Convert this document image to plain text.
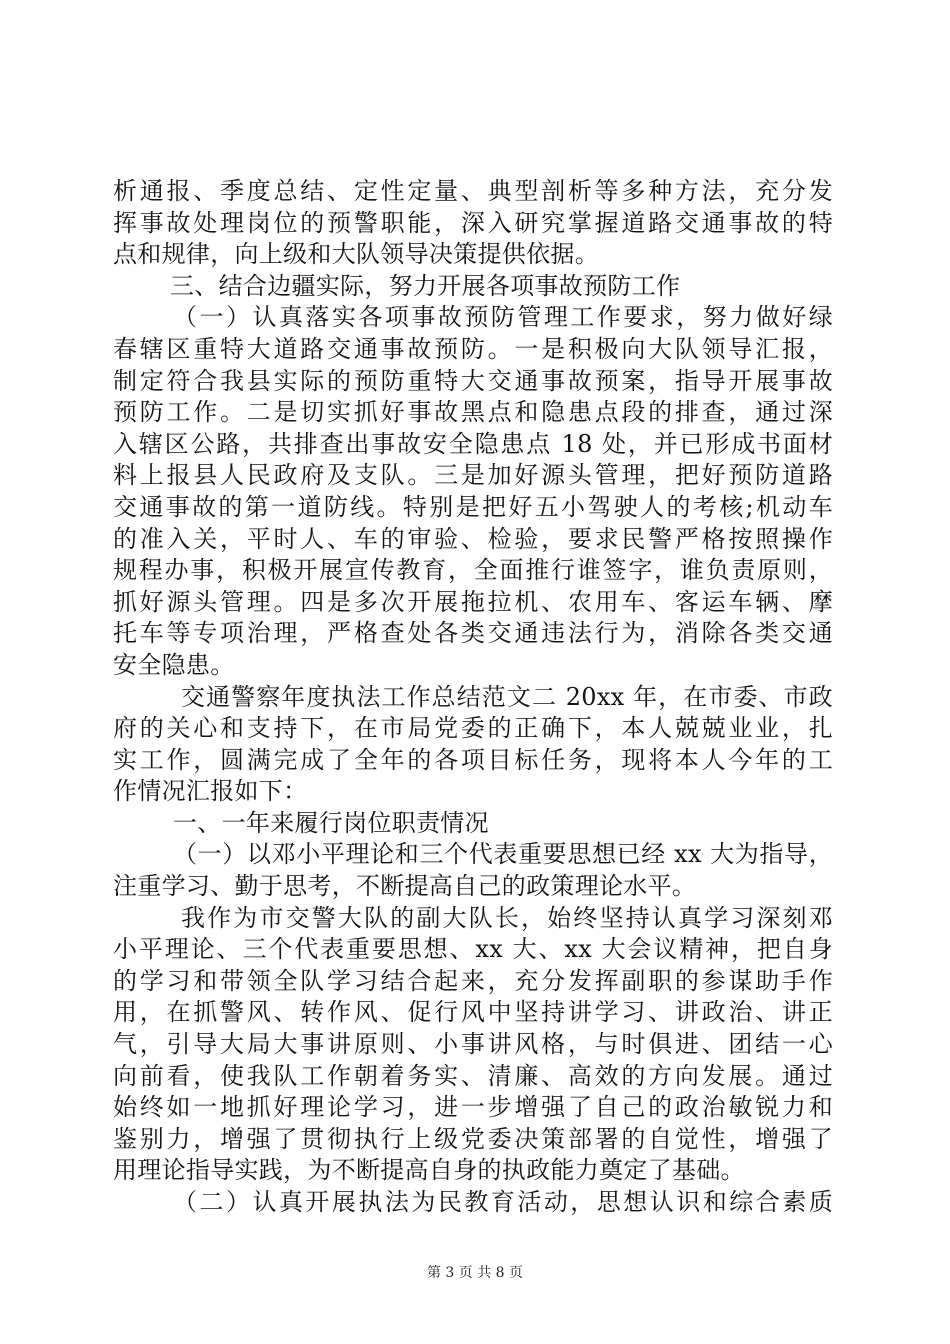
析通报、季度总结、定性定量、典型剖析等多种方法，充分发
挥事故处理岗位的预警职能，深入研究掌握道路交通事故的特
点和规律，向上级和大队领导决策提供依据。
三、结合边疆实际，努力开展各项事故预防工作
（一）认真落实各项事故预防管理工作要求，努力做好绿
春辖区重特大道路交通事故预防。一是积极向大队领导汇报，
制定符合我县实际的预防重特大交通事故预案，指导开展事故
预防工作。二是切实抓好事故黑点和隐患点段的排查，通过深
入辖区公路，共排查出事故安全隐患点 18 处，并已形成书面材
料上报县人民政府及支队。三是加好源头管理，把好预防道路
交通事故的第一道防线。特别是把好五小驾驶人的考核;机动车
的准入关，平时人、车的审验、检验，要求民警严格按照操作
规程办事，积极开展宣传教育，全面推行谁签字，谁负责原则，
抓好源头管理。四是多次开展拖拉机、农用车、客运车辆、摩
托车等专项治理，严格查处各类交通违法行为，消除各类交通
安全隐患。
交通警察年度执法工作总结范文二 20xx 年，在市委、市政
府的关心和支持下，在市局党委的正确下，本人兢兢业业，扎
实工作，圆满完成了全年的各项目标任务，现将本人今年的工
作情况汇报如下：
一、一年来履行岗位职责情况
（一）以邓小平理论和三个代表重要思想已经 xx 大为指导，
注重学习、勤于思考，不断提高自己的政策理论水平。
我作为市交警大队的副大队长，始终坚持认真学习深刻邓
小平理论、三个代表重要思想、xx 大、xx 大会议精神，把自身
的学习和带领全队学习结合起来，充分发挥副职的参谋助手作
用，在抓警风、转作风、促行风中坚持讲学习、讲政治、讲正
气，引导大局大事讲原则、小事讲风格，与时俱进、团结一心
向前看，使我队工作朝着务实、清廉、高效的方向发展。通过
始终如一地抓好理论学习，进一步增强了自己的政治敏锐力和
鉴别力，增强了贯彻执行上级党委决策部署的自觉性，增强了
用理论指导实践，为不断提高自身的执政能力奠定了基础。
（二）认真开展执法为民教育活动，思想认识和综合素质
第 3 页 共 8 页
